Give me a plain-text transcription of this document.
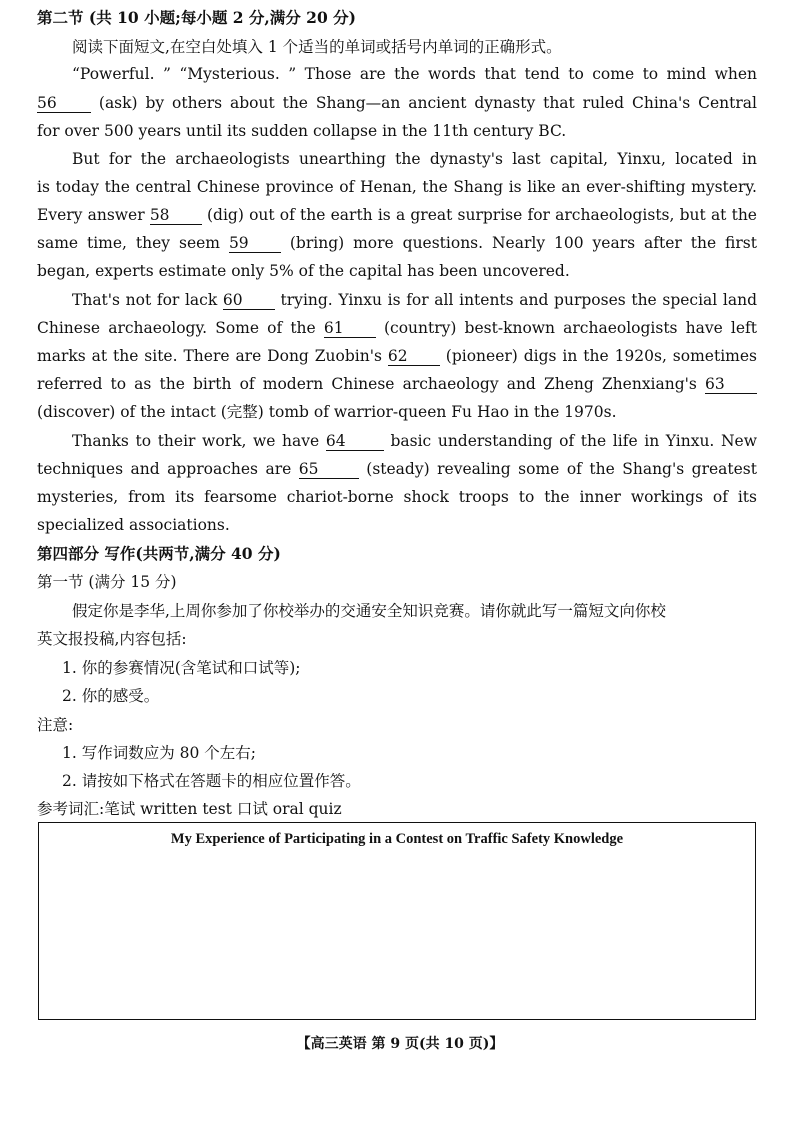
第二节 (共 10 小题;每小题 2 分,满分 20 分)
阅读下面短文,在空白处填入 1 个适当的单词或括号内单词的正确形式。
“Powerful. ” “Mysterious. ” Those are the words that tend to come to mind when
56	(ask) by others about the Shang—an ancient dynasty that ruled China's Central
for over 500 years until its sudden collapse in the 11th century BC.
But for the archaeologists unearthing the dynasty's last capital, Yinxu, located in
is today the central Chinese province of Henan, the Shang is like an ever-shifting mystery.
Every answer 58 (dig) out of the earth is a great surprise for archaeologists, but at the
same time, they seem 59	(bring) more questions. Nearly 100 years after the first
began, experts estimate only 5% of the capital has been uncovered.
That's not for lack 60 trying. Yinxu is for all intents and purposes the special land
Chinese archaeology. Some of the 61	(country) best-known archaeologists have left
marks at the site. There are Dong Zuobin's 62 (pioneer) digs in the 1920s, sometimes
referred to as the birth of modern Chinese archaeology and Zheng Zhenxiang's 63
(discover) of the intact (完整) tomb of warrior-queen Fu Hao in the 1970s.
Thanks to their work, we have 64	basic understanding of the life in Yinxu. New
techniques and approaches are 65	(steady) revealing some of the Shang's greatest
mysteries, from its fearsome chariot-borne shock troops to the inner workings of its
specialized associations.
第四部分 写作(共两节,满分 40 分)
第一节 (满分 15 分)
假定你是李华,上周你参加了你校举办的交通安全知识竞赛。请你就此写一篇短文向你校
英文报投稿,内容包括:
1. 你的参赛情况(含笔试和口试等);
2. 你的感受。
注意:
1. 写作词数应为 80 个左右;
2. 请按如下格式在答题卡的相应位置作答。
参考词汇:笔试 written test 口试 oral quiz
My Experience of Participating in a Contest on Traffic Safety Knowledge
【高三英语 第 9 页(共 10 页)】
